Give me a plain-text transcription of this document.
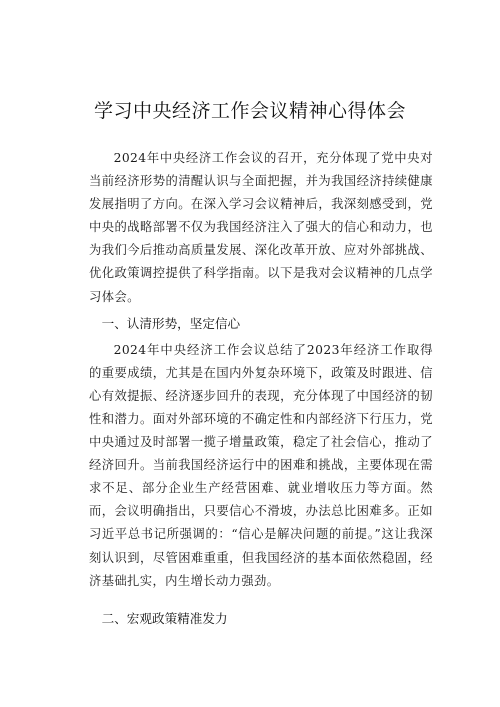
学习中央经济工作会议精神心得体会

2024年中央经济工作会议的召开，充分体现了党中央对当前经济形势的清醒认识与全面把握，并为我国经济持续健康发展指明了方向。在深入学习会议精神后，我深刻感受到，党中央的战略部署不仅为我国经济注入了强大的信心和动力，也为我们今后推动高质量发展、深化改革开放、应对外部挑战、优化政策调控提供了科学指南。以下是我对会议精神的几点学习体会。

一、认清形势，坚定信心

2024年中央经济工作会议总结了2023年经济工作取得的重要成绩，尤其是在国内外复杂环境下，政策及时跟进、信心有效提振、经济逐步回升的表现，充分体现了中国经济的韧性和潜力。面对外部环境的不确定性和内部经济下行压力，党中央通过及时部署一揽子增量政策，稳定了社会信心，推动了经济回升。当前我国经济运行中的困难和挑战，主要体现在需求不足、部分企业生产经营困难、就业增收压力等方面。然而，会议明确指出，只要信心不滑坡，办法总比困难多。正如习近平总书记所强调的：“信心是解决问题的前提。”这让我深刻认识到，尽管困难重重，但我国经济的基本面依然稳固，经济基础扎实，内生增长动力强劲。

二、宏观政策精准发力
